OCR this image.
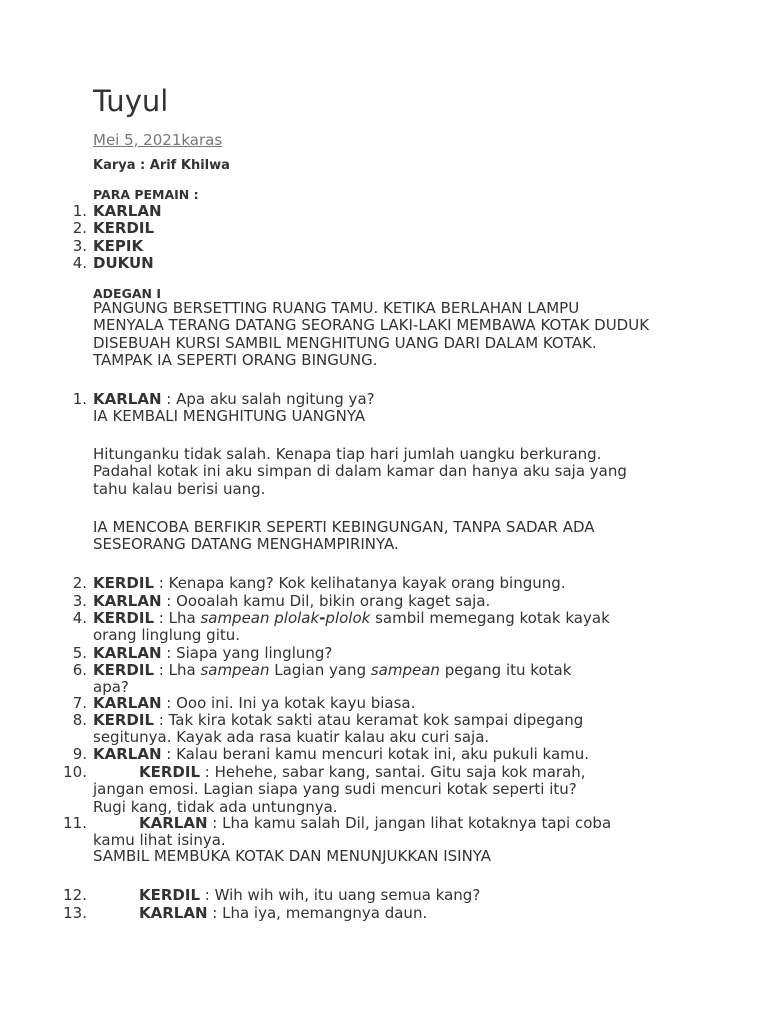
Tuyul
Mei 5, 2021karas
Karya : Arif Khilwa
PARA PEMAIN :
1. KARLAN
2. KERDIL
3. KEPIK
4. DUKUN
ADEGAN I
PANGUNG BERSETTING RUANG TAMU. KETIKA BERLAHAN LAMPU
MENYALA TERANG DATANG SEORANG LAKI-LAKI MEMBAWA KOTAK DUDUK
DISEBUAH KURSI SAMBIL MENGHITUNG UANG DARI DALAM KOTAK.
TAMPAK IA SEPERTI ORANG BINGUNG.
1. KARLAN : Apa aku salah ngitung ya?
IA KEMBALI MENGHITUNG UANGNYA
Hitunganku tidak salah. Kenapa tiap hari jumlah uangku berkurang.
Padahal kotak ini aku simpan di dalam kamar dan hanya aku saja yang
tahu kalau berisi uang.
IA MENCOBA BERFIKIR SEPERTI KEBINGUNGAN, TANPA SADAR ADA
SESEORANG DATANG MENGHAMPIRINYA.
2. KERDIL : Kenapa kang? Kok kelihatanya kayak orang bingung.
3. KARLAN : Oooalah kamu Dil, bikin orang kaget saja.
4. KERDIL : Lha sampean plolak-plolok sambil memegang kotak kayak
orang linglung gitu.
5. KARLAN : Siapa yang linglung?
6. KERDIL : Lha sampean Lagian yang sampean pegang itu kotak
apa?
7. KARLAN : Ooo ini. Ini ya kotak kayu biasa.
8. KERDIL : Tak kira kotak sakti atau keramat kok sampai dipegang
segitunya. Kayak ada rasa kuatir kalau aku curi saja.
9. KARLAN : Kalau berani kamu mencuri kotak ini, aku pukuli kamu.
10.	KERDIL : Hehehe, sabar kang, santai. Gitu saja kok marah,
jangan emosi. Lagian siapa yang sudi mencuri kotak seperti itu?
Rugi kang, tidak ada untungnya.
11.	KARLAN : Lha kamu salah Dil, jangan lihat kotaknya tapi coba
kamu lihat isinya.
SAMBIL MEMBUKA KOTAK DAN MENUNJUKKAN ISINYA
12.	KERDIL : Wih wih wih, itu uang semua kang?
13.	KARLAN : Lha iya, memangnya daun.
